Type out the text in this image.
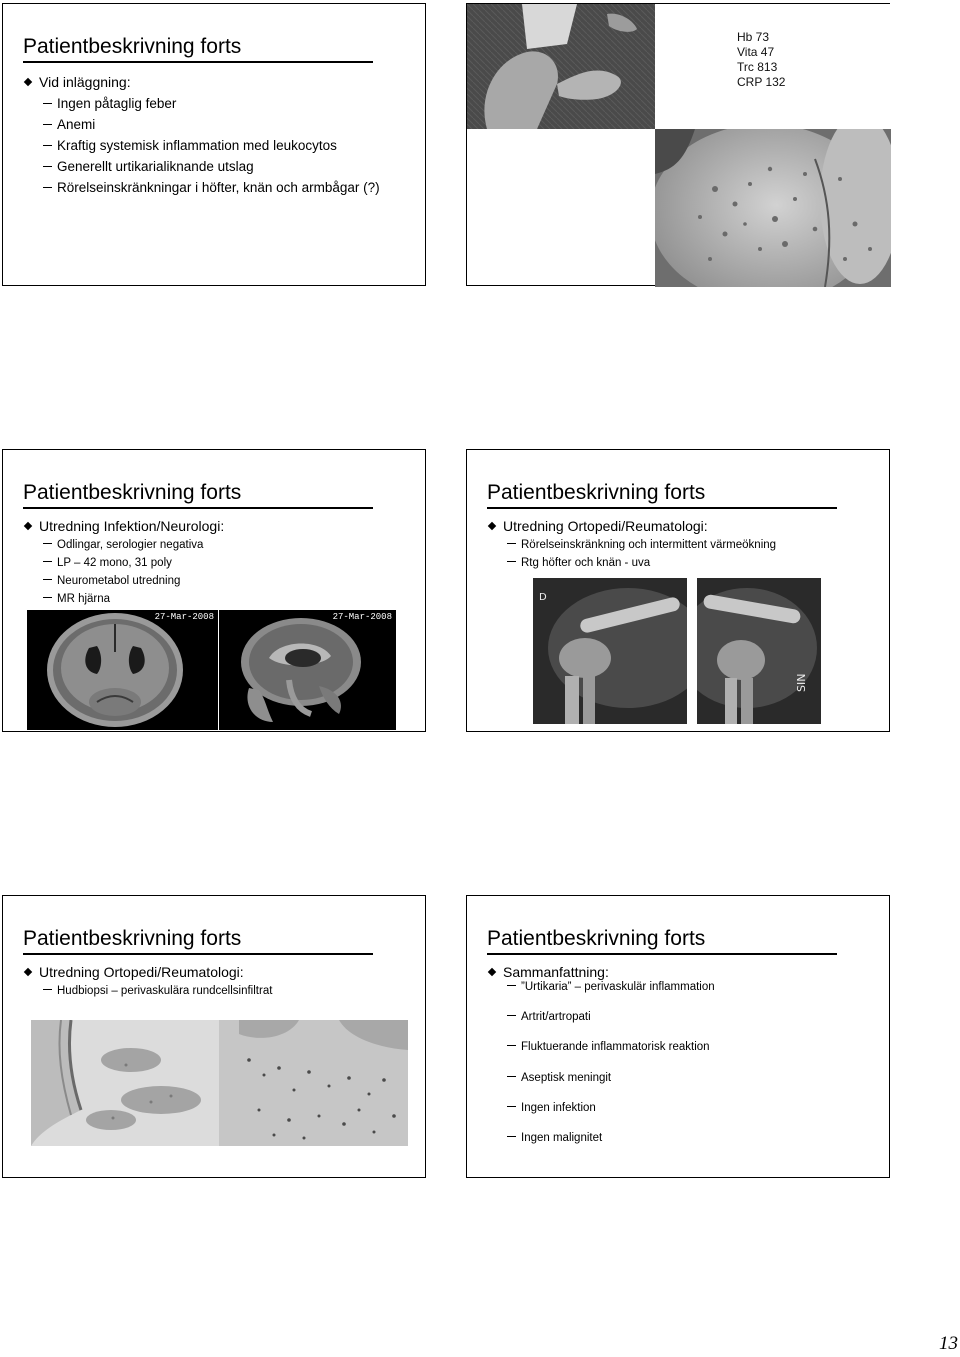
Patientbeskrivning forts
Vid inläggning:
Ingen påtaglig feber
Anemi
Kraftig systemisk inflammation med leukocytos
Generellt urtikarialiknande utslag
Rörelseinskränkningar i höfter, knän och armbågar (?)
Hb 73
Vita 47
Trc 813
CRP 132
Patientbeskrivning forts
Utredning Infektion/Neurologi:
Odlingar, serologier negativa
LP – 42 mono, 31 poly
Neurometabol utredning
MR hjärna
27-Mar-2008	27-Mar-2008
Patientbeskrivning forts
Utredning Ortopedi/Reumatologi:
Rörelseinskränkning och intermittent värmeökning
Rtg höfter och knän - uva
D
SIN
Patientbeskrivning forts
Utredning Ortopedi/Reumatologi:
Hudbiopsi – perivaskulära rundcellsinfiltrat
Patientbeskrivning forts
Sammanfattning:
”Urtikaria” – perivaskulär inflammation
Artrit/artropati
Fluktuerande inflammatorisk reaktion
Aseptisk meningit
Ingen infektion
Ingen malignitet
13
